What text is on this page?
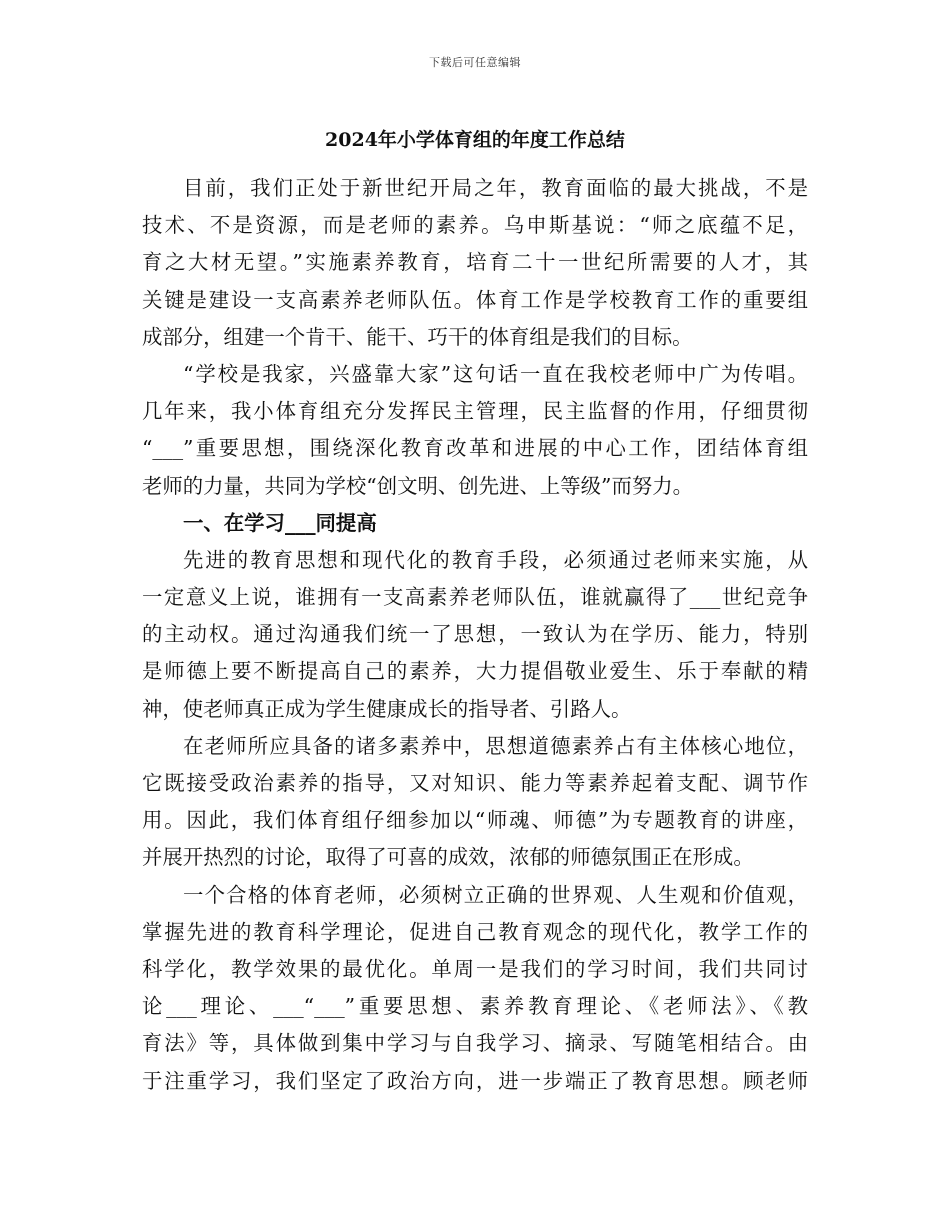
下载后可任意编辑
2024年小学体育组的年度工作总结
目前，我们正处于新世纪开局之年，教育面临的最大挑战，不是
技术、不是资源，而是老师的素养。乌申斯基说：“师之底蕴不足，
育之大材无望。”实施素养教育，培育二十一世纪所需要的人才，其
关键是建设一支高素养老师队伍。体育工作是学校教育工作的重要组
成部分，组建一个肯干、能干、巧干的体育组是我们的目标。
“学校是我家，兴盛靠大家”这句话一直在我校老师中广为传唱。
几年来，我小体育组充分发挥民主管理，民主监督的作用，仔细贯彻
“___”重要思想，围绕深化教育改革和进展的中心工作，团结体育组
老师的力量，共同为学校“创文明、创先进、上等级”而努力。
一、在学习___同提高
先进的教育思想和现代化的教育手段，必须通过老师来实施，从
一定意义上说，谁拥有一支高素养老师队伍，谁就赢得了___世纪竞争
的主动权。通过沟通我们统一了思想，一致认为在学历、能力，特别
是师德上要不断提高自己的素养，大力提倡敬业爱生、乐于奉献的精
神，使老师真正成为学生健康成长的指导者、引路人。
在老师所应具备的诸多素养中，思想道德素养占有主体核心地位，
它既接受政治素养的指导，又对知识、能力等素养起着支配、调节作
用。因此，我们体育组仔细参加以“师魂、师德”为专题教育的讲座，
并展开热烈的讨论，取得了可喜的成效，浓郁的师德氛围正在形成。
一个合格的体育老师，必须树立正确的世界观、人生观和价值观，
掌握先进的教育科学理论，促进自己教育观念的现代化，教学工作的
科学化，教学效果的最优化。单周一是我们的学习时间，我们共同讨
论___理论、___“___”重要思想、素养教育理论、《老师法》、《教
育法》等，具体做到集中学习与自我学习、摘录、写随笔相结合。由
于注重学习，我们坚定了政治方向，进一步端正了教育思想。顾老师
